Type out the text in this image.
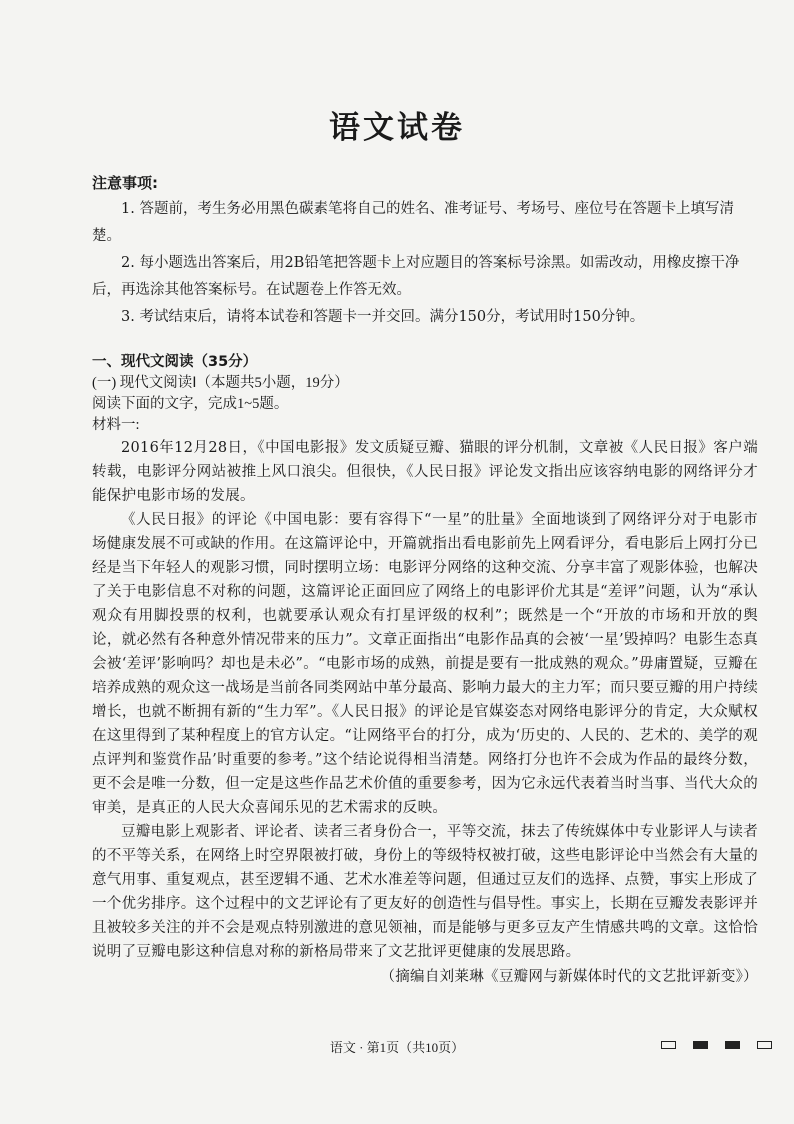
语文试卷
注意事项:

1. 答题前，考生务必用黑色碳素笔将自己的姓名、准考证号、考场号、座位号在答题卡上填写清楚。

2. 每小题选出答案后，用2B铅笔把答题卡上对应题目的答案标号涂黑。如需改动，用橡皮擦干净后，再选涂其他答案标号。在试题卷上作答无效。

3. 考试结束后，请将本试卷和答题卡一并交回。满分150分，考试用时150分钟。

一、现代文阅读（35分）
(一) 现代文阅读Ⅰ（本题共5小题，19分）
阅读下面的文字，完成1~5题。
材料一:

2016年12月28日，《中国电影报》发文质疑豆瓣、猫眼的评分机制，文章被《人民日报》客户端转载，电影评分网站被推上风口浪尖。但很快，《人民日报》评论发文指出应该容纳电影的网络评分才能保护电影市场的发展。

《人民日报》的评论《中国电影：要有容得下“一星”的肚量》全面地谈到了网络评分对于电影市场健康发展不可或缺的作用。在这篇评论中，开篇就指出看电影前先上网看评分，看电影后上网打分已经是当下年轻人的观影习惯，同时摆明立场：电影评分网络的这种交流、分享丰富了观影体验，也解决了关于电影信息不对称的问题，这篇评论正面回应了网络上的电影评价尤其是“差评”问题，认为“承认观众有用脚投票的权利，也就要承认观众有打星评级的权利”；既然是一个“开放的市场和开放的舆论，就必然有各种意外情况带来的压力”。文章正面指出“电影作品真的会被‘一星’毁掉吗？电影生态真会被‘差评’影响吗？却也是未必”。“电影市场的成熟，前提是要有一批成熟的观众。”毋庸置疑，豆瓣在培养成熟的观众这一战场是当前各同类网站中革分最高、影响力最大的主力军；而只要豆瓣的用户持续增长，也就不断拥有新的“生力军”。《人民日报》的评论是官媒姿态对网络电影评分的肯定，大众赋权在这里得到了某种程度上的官方认定。“让网络平台的打分，成为‘历史的、人民的、艺术的、美学的观点评判和鉴赏作品’时重要的参考。”这个结论说得相当清楚。网络打分也许不会成为作品的最终分数，更不会是唯一分数，但一定是这些作品艺术价值的重要参考，因为它永远代表着当时当事、当代大众的审美，是真正的人民大众喜闻乐见的艺术需求的反映。

豆瓣电影上观影者、评论者、读者三者身份合一，平等交流，抹去了传统媒体中专业影评人与读者的不平等关系，在网络上时空界限被打破，身份上的等级特权被打破，这些电影评论中当然会有大量的意气用事、重复观点，甚至逻辑不通、艺术水准差等问题，但通过豆友们的选择、点赞，事实上形成了一个优劣排序。这个过程中的文艺评论有了更友好的创造性与倡导性。事实上，长期在豆瓣发表影评并且被较多关注的并不会是观点特别激进的意见领袖，而是能够与更多豆友产生情感共鸣的文章。这恰恰说明了豆瓣电影这种信息对称的新格局带来了文艺批评更健康的发展思路。

（摘编自刘莱琳《豆瓣网与新媒体时代的文艺批评新变》）
语文 · 第1页（共10页）
